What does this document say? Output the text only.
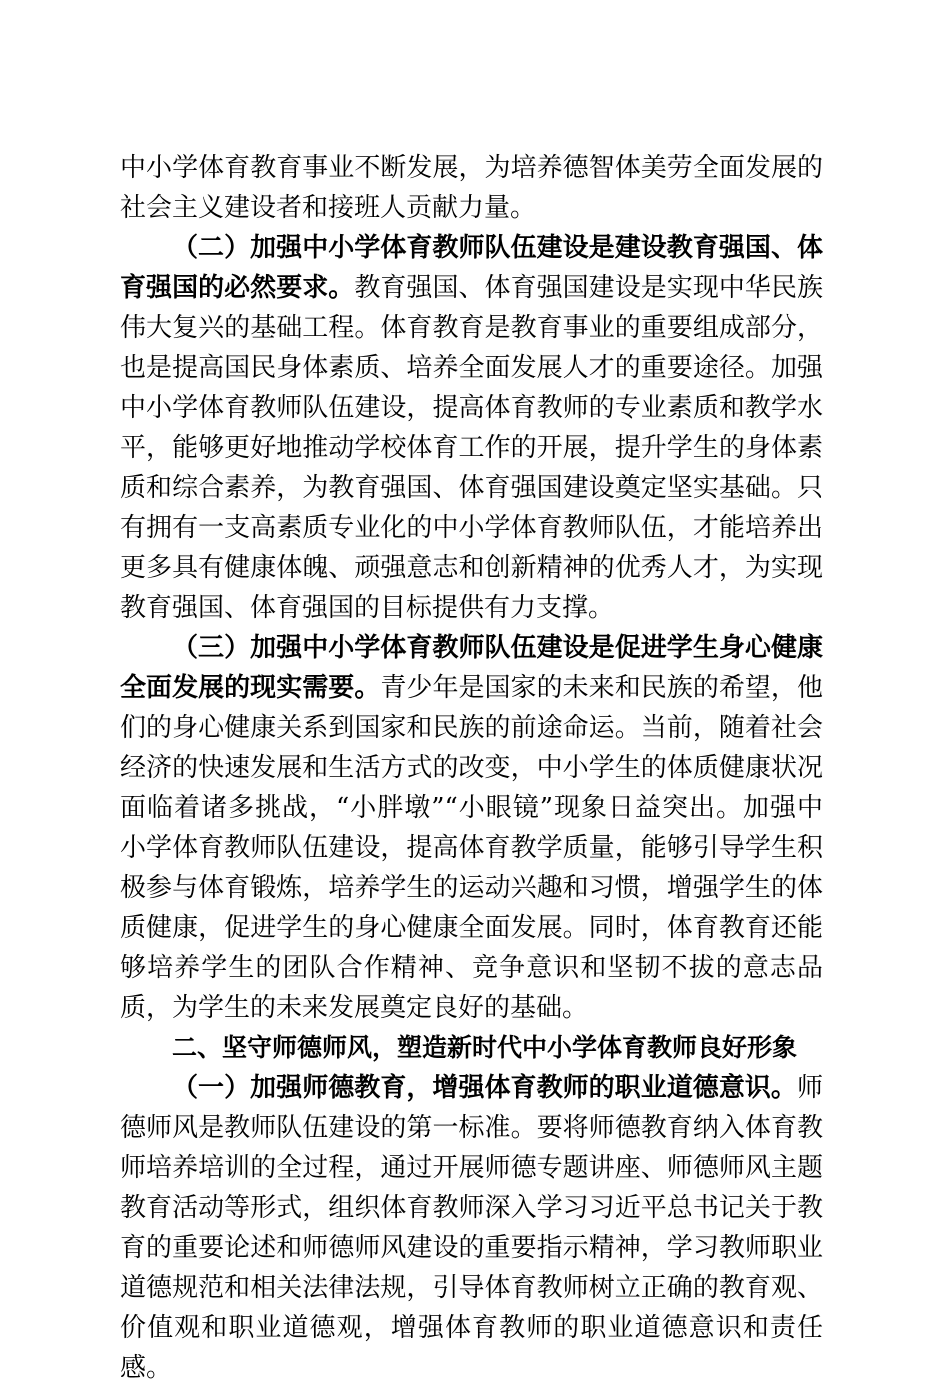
中小学体育教育事业不断发展，为培养德智体美劳全面发展的社会主义建设者和接班人贡献力量。

（二）加强中小学体育教师队伍建设是建设教育强国、体育强国的必然要求。教育强国、体育强国建设是实现中华民族伟大复兴的基础工程。体育教育是教育事业的重要组成部分，也是提高国民身体素质、培养全面发展人才的重要途径。加强中小学体育教师队伍建设，提高体育教师的专业素质和教学水平，能够更好地推动学校体育工作的开展，提升学生的身体素质和综合素养，为教育强国、体育强国建设奠定坚实基础。只有拥有一支高素质专业化的中小学体育教师队伍，才能培养出更多具有健康体魄、顽强意志和创新精神的优秀人才，为实现教育强国、体育强国的目标提供有力支撑。

（三）加强中小学体育教师队伍建设是促进学生身心健康全面发展的现实需要。青少年是国家的未来和民族的希望，他们的身心健康关系到国家和民族的前途命运。当前，随着社会经济的快速发展和生活方式的改变，中小学生的体质健康状况面临着诸多挑战，“小胖墩”“小眼镜”现象日益突出。加强中小学体育教师队伍建设，提高体育教学质量，能够引导学生积极参与体育锻炼，培养学生的运动兴趣和习惯，增强学生的体质健康，促进学生的身心健康全面发展。同时，体育教育还能够培养学生的团队合作精神、竞争意识和坚韧不拔的意志品质，为学生的未来发展奠定良好的基础。

二、坚守师德师风，塑造新时代中小学体育教师良好形象

（一）加强师德教育，增强体育教师的职业道德意识。师德师风是教师队伍建设的第一标准。要将师德教育纳入体育教师培养培训的全过程，通过开展师德专题讲座、师德师风主题教育活动等形式，组织体育教师深入学习习近平总书记关于教育的重要论述和师德师风建设的重要指示精神，学习教师职业道德规范和相关法律法规，引导体育教师树立正确的教育观、价值观和职业道德观，增强体育教师的职业道德意识和责任感。
